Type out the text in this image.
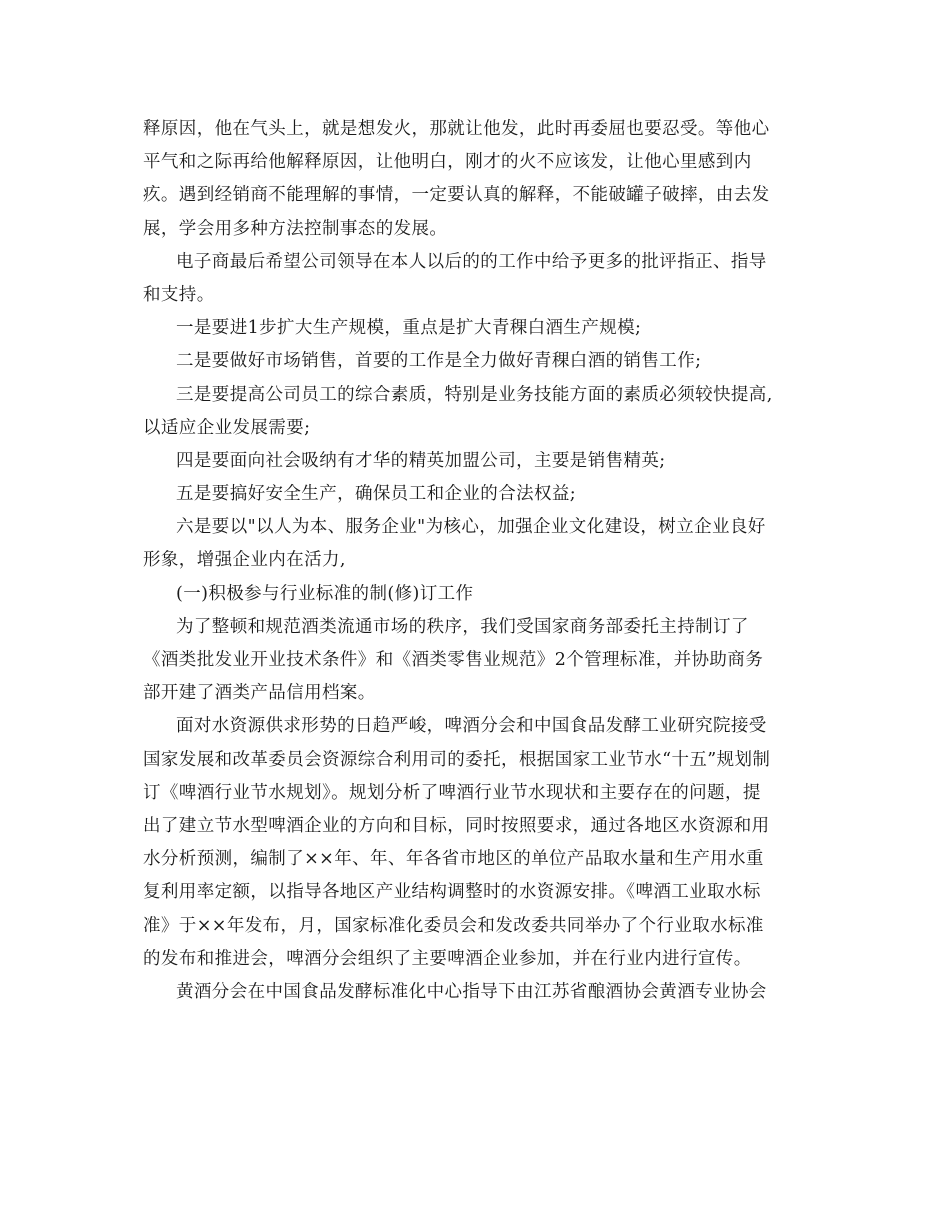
释原因，他在气头上，就是想发火，那就让他发，此时再委屈也要忍受。等他心
平气和之际再给他解释原因，让他明白，刚才的火不应该发，让他心里感到内
疚。遇到经销商不能理解的事情，一定要认真的解释，不能破罐子破摔，由去发
展，学会用多种方法控制事态的发展。
电子商最后希望公司领导在本人以后的的工作中给予更多的批评指正、指导
和支持。
一是要进1步扩大生产规模，重点是扩大青稞白酒生产规模;
二是要做好市场销售，首要的工作是全力做好青稞白酒的销售工作;
三是要提高公司员工的综合素质，特别是业务技能方面的素质必须较快提高,
以适应企业发展需要;
四是要面向社会吸纳有才华的精英加盟公司，主要是销售精英;
五是要搞好安全生产，确保员工和企业的合法权益;
六是要以"以人为本、服务企业"为核心，加强企业文化建设，树立企业良好
形象，增强企业内在活力,
(一)积极参与行业标准的制(修)订工作
为了整顿和规范酒类流通市场的秩序，我们受国家商务部委托主持制订了
《酒类批发业开业技术条件》和《酒类零售业规范》2个管理标准，并协助商务
部开建了酒类产品信用档案。
面对水资源供求形势的日趋严峻，啤酒分会和中国食品发酵工业研究院接受
国家发展和改革委员会资源综合利用司的委托，根据国家工业节水“十五”规划制
订《啤酒行业节水规划》。规划分析了啤酒行业节水现状和主要存在的问题，提
出了建立节水型啤酒企业的方向和目标，同时按照要求，通过各地区水资源和用
水分析预测，编制了××年、年、年各省市地区的单位产品取水量和生产用水重
复利用率定额，以指导各地区产业结构调整时的水资源安排。《啤酒工业取水标
准》于××年发布，月，国家标准化委员会和发改委共同举办了个行业取水标准
的发布和推进会，啤酒分会组织了主要啤酒企业参加，并在行业内进行宣传。
黄酒分会在中国食品发酵标准化中心指导下由江苏省酿酒协会黄酒专业协会
